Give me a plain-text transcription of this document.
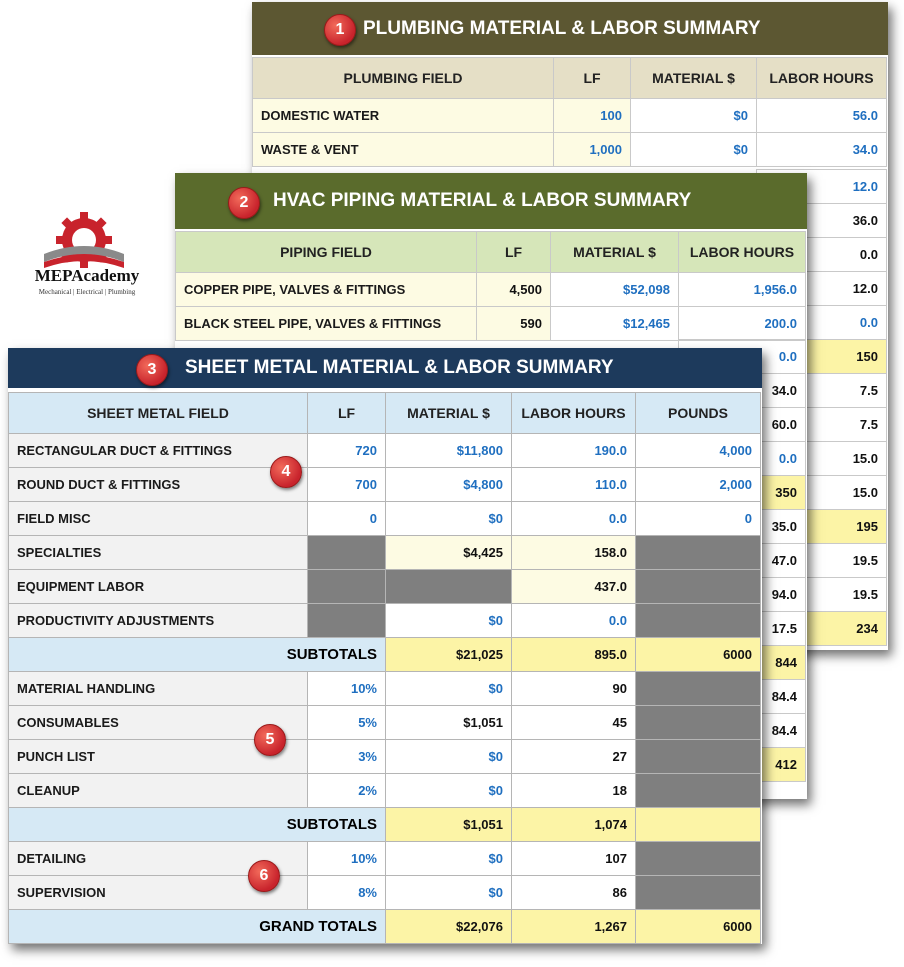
MEPAcademy
Mechanical | Electrical | Plumbing
1 PLUMBING MATERIAL & LABOR SUMMARY
PLUMBING FIELD	LF	MATERIAL $	LABOR HOURS
DOMESTIC WATER	100	$0	56.0
WASTE & VENT	1,000	$0	34.0
12.0
36.0
0.0
12.0
0.0
150
7.5
7.5
15.0
15.0
195
19.5
19.5
234
2	HVAC PIPING MATERIAL & LABOR SUMMARY
PIPING FIELD	LF	MATERIAL $	LABOR HOURS
COPPER PIPE, VALVES & FITTINGS	4,500	$52,098	1,956.0
BLACK STEEL PIPE, VALVES & FITTINGS	590	$12,465	200.0
0.0
34.0
60.0
0.0
350
35.0
47.0
94.0
17.5
844
84.4
84.4
412
3	SHEET METAL MATERIAL & LABOR SUMMARY
SHEET METAL FIELD	LF	MATERIAL $	LABOR HOURS	POUNDS
RECTANGULAR DUCT & FITTINGS	720	$11,800	190.0	4,000
ROUND DUCT & FITTINGS	700	$4,800	110.0	2,000
FIELD MISC	0	$0	0.0	0
SPECIALTIES		$4,425	158.0	
EQUIPMENT LABOR			437.0	
PRODUCTIVITY ADJUSTMENTS		$0	0.0	
SUBTOTALS		$21,025	895.0	6000
MATERIAL HANDLING	10%	$0	90	
CONSUMABLES	5%	$1,051	45	
PUNCH LIST	3%	$0	27	
CLEANUP	2%	$0	18	
SUBTOTALS		$1,051	1,074	
DETAILING	10%	$0	107	
SUPERVISION	8%	$0	86	
GRAND TOTALS		$22,076	1,267	6000
4
5
6
